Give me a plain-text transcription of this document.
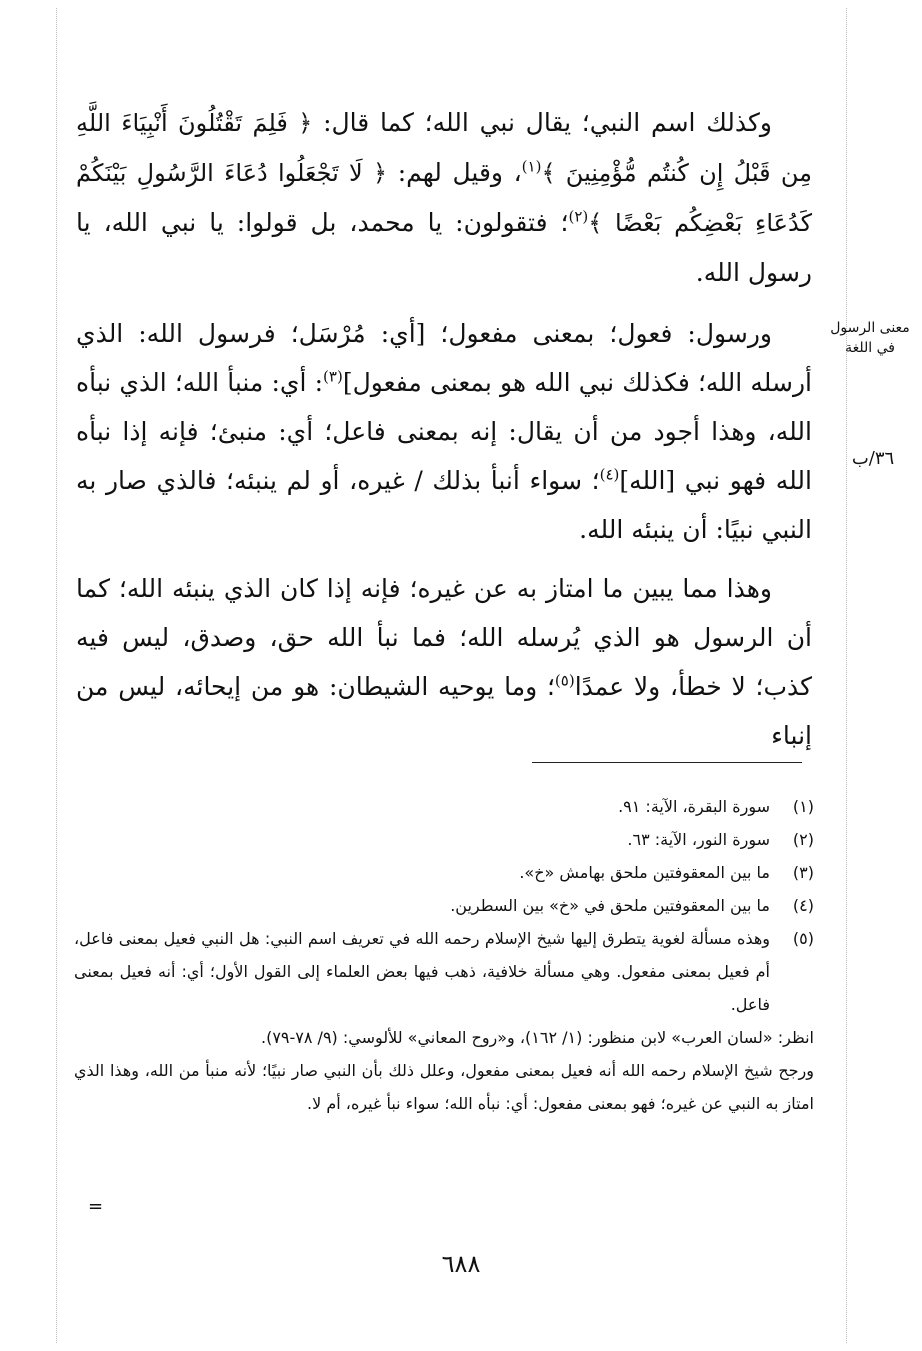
وكذلك اسم النبي؛ يقال نبي الله؛ كما قال: ﴿ فَلِمَ تَقْتُلُونَ أَنْبِيَاءَ اللَّهِ مِن قَبْلُ إِن كُنتُم مُّؤْمِنِينَ ﴾$^{(١)}$، وقيل لهم: ﴿ لَا تَجْعَلُوا دُعَاءَ الرَّسُولِ بَيْنَكُمْ كَدُعَاءِ بَعْضِكُم بَعْضًا ﴾$^{(٢)}$؛ فتقولون: يا محمد، بل قولوا: يا نبي الله، يا رسول الله.

ورسول: فعول؛ بمعنى مفعول؛ [أي: مُرْسَل؛ فرسول الله: الذي أرسله الله؛ فكذلك نبي الله هو بمعنى مفعول]$^{(٣)}$: أي: منبأ الله؛ الذي نبأه الله، وهذا أجود من أن يقال: إنه بمعنى فاعل؛ أي: منبئ؛ فإنه إذا نبأه الله فهو نبي [الله]$^{(٤)}$؛ سواء أنبأ بذلك / غيره، أو لم ينبئه؛ فالذي صار به النبي نبيًا: أن ينبئه الله.

وهذا مما يبين ما امتاز به عن غيره؛ فإنه إذا كان الذي ينبئه الله؛ كما أن الرسول هو الذي يُرسله الله؛ فما نبأ الله حق، وصدق، ليس فيه كذب؛ لا خطأ، ولا عمدًا$^{(٥)}$؛ وما يوحيه الشيطان: هو من إيحائه، ليس من إنباء

معنى الرسول في اللغة
٣٦/ب
(١)
سورة البقرة، الآية: ٩١.
(٢)
سورة النور، الآية: ٦٣.
(٣)
ما بين المعقوفتين ملحق بهامش «خ».
(٤)
ما بين المعقوفتين ملحق في «خ» بين السطرين.
(٥)
وهذه مسألة لغوية يتطرق إليها شيخ الإسلام رحمه الله في تعريف اسم النبي: هل النبي فعيل بمعنى فاعل، أم فعيل بمعنى مفعول. وهي مسألة خلافية، ذهب فيها بعض العلماء إلى القول الأول؛ أي: أنه فعيل بمعنى فاعل.
انظر: «لسان العرب» لابن منظور: (١/ ١٦٢)، و«روح المعاني» للألوسي: (٩/ ٧٨-٧٩).
ورجح شيخ الإسلام رحمه الله أنه فعيل بمعنى مفعول، وعلل ذلك بأن النبي صار نبيًا؛ لأنه منبأ من الله، وهذا الذي امتاز به النبي عن غيره؛ فهو بمعنى مفعول: أي: نبأه الله؛ سواء نبأ غيره، أم لا.
=
٦٨٨
